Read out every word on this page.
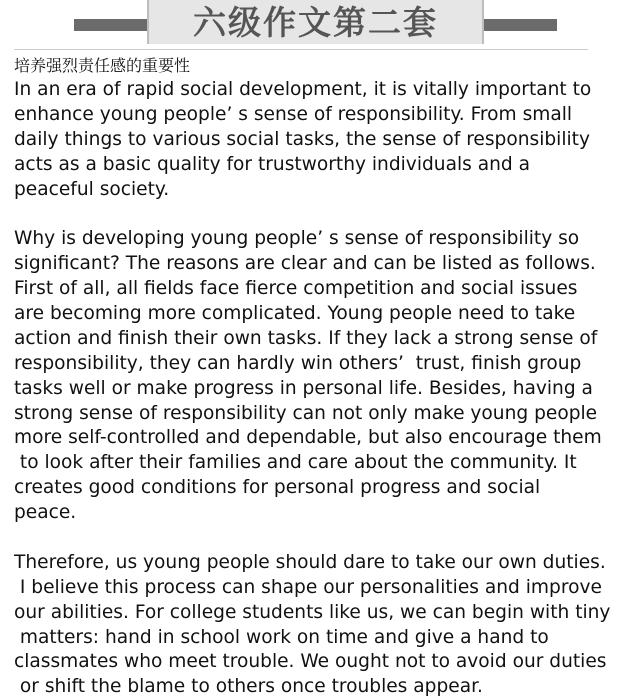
六级作文第二套
培养强烈责任感的重要性
In an era of rapid social development, it is vitally important to
enhance young people’ s sense of responsibility. From small
daily things to various social tasks, the sense of responsibility
acts as a basic quality for trustworthy individuals and a
peaceful society.
Why is developing young people’ s sense of responsibility so
significant? The reasons are clear and can be listed as follows.
First of all, all fields face fierce competition and social issues
are becoming more complicated. Young people need to take
action and finish their own tasks. If they lack a strong sense of
responsibility, they can hardly win others’  trust, finish group
tasks well or make progress in personal life. Besides, having a
strong sense of responsibility can not only make young people
more self-controlled and dependable, but also encourage them
to look after their families and care about the community. It
creates good conditions for personal progress and social
peace.
Therefore, us young people should dare to take our own duties.
I believe this process can shape our personalities and improve
our abilities. For college students like us, we can begin with tiny
matters: hand in school work on time and give a hand to
classmates who meet trouble. We ought not to avoid our duties
or shift the blame to others once troubles appear.
